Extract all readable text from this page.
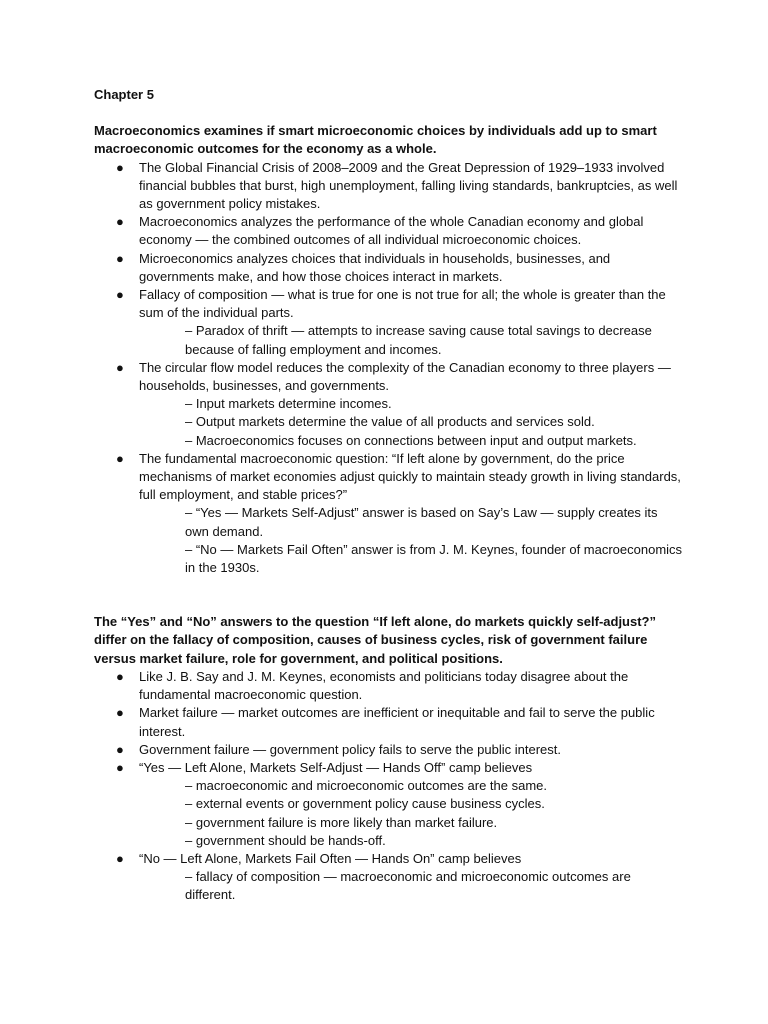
Chapter 5

Macroeconomics examines if smart microeconomic choices by individuals add up to smart macroeconomic outcomes for the economy as a whole.

● The Global Financial Crisis of 2008–2009 and the Great Depression of 1929–1933 involved financial bubbles that burst, high unemployment, falling living standards, bankruptcies, as well as government policy mistakes.
● Macroeconomics analyzes the performance of the whole Canadian economy and global economy — the combined outcomes of all individual microeconomic choices.
● Microeconomics analyzes choices that individuals in households, businesses, and governments make, and how those choices interact in markets.
● Fallacy of composition — what is true for one is not true for all; the whole is greater than the sum of the individual parts.
– Paradox of thrift — attempts to increase saving cause total savings to decrease because of falling employment and incomes.
● The circular flow model reduces the complexity of the Canadian economy to three players — households, businesses, and governments.
– Input markets determine incomes.
– Output markets determine the value of all products and services sold.
– Macroeconomics focuses on connections between input and output markets.
● The fundamental macroeconomic question: “If left alone by government, do the price mechanisms of market economies adjust quickly to maintain steady growth in living standards, full employment, and stable prices?”
– “Yes — Markets Self-Adjust” answer is based on Say’s Law — supply creates its own demand.
– “No — Markets Fail Often” answer is from J. M. Keynes, founder of macroeconomics in the 1930s.

The “Yes” and “No” answers to the question “If left alone, do markets quickly self-adjust?” differ on the fallacy of composition, causes of business cycles, risk of government failure versus market failure, role for government, and political positions.

● Like J. B. Say and J. M. Keynes, economists and politicians today disagree about the fundamental macroeconomic question.
● Market failure — market outcomes are inefficient or inequitable and fail to serve the public interest.
● Government failure — government policy fails to serve the public interest.
● “Yes — Left Alone, Markets Self-Adjust — Hands Off” camp believes
– macroeconomic and microeconomic outcomes are the same.
– external events or government policy cause business cycles.
– government failure is more likely than market failure.
– government should be hands-off.
● “No — Left Alone, Markets Fail Often — Hands On” camp believes
– fallacy of composition — macroeconomic and microeconomic outcomes are different.
